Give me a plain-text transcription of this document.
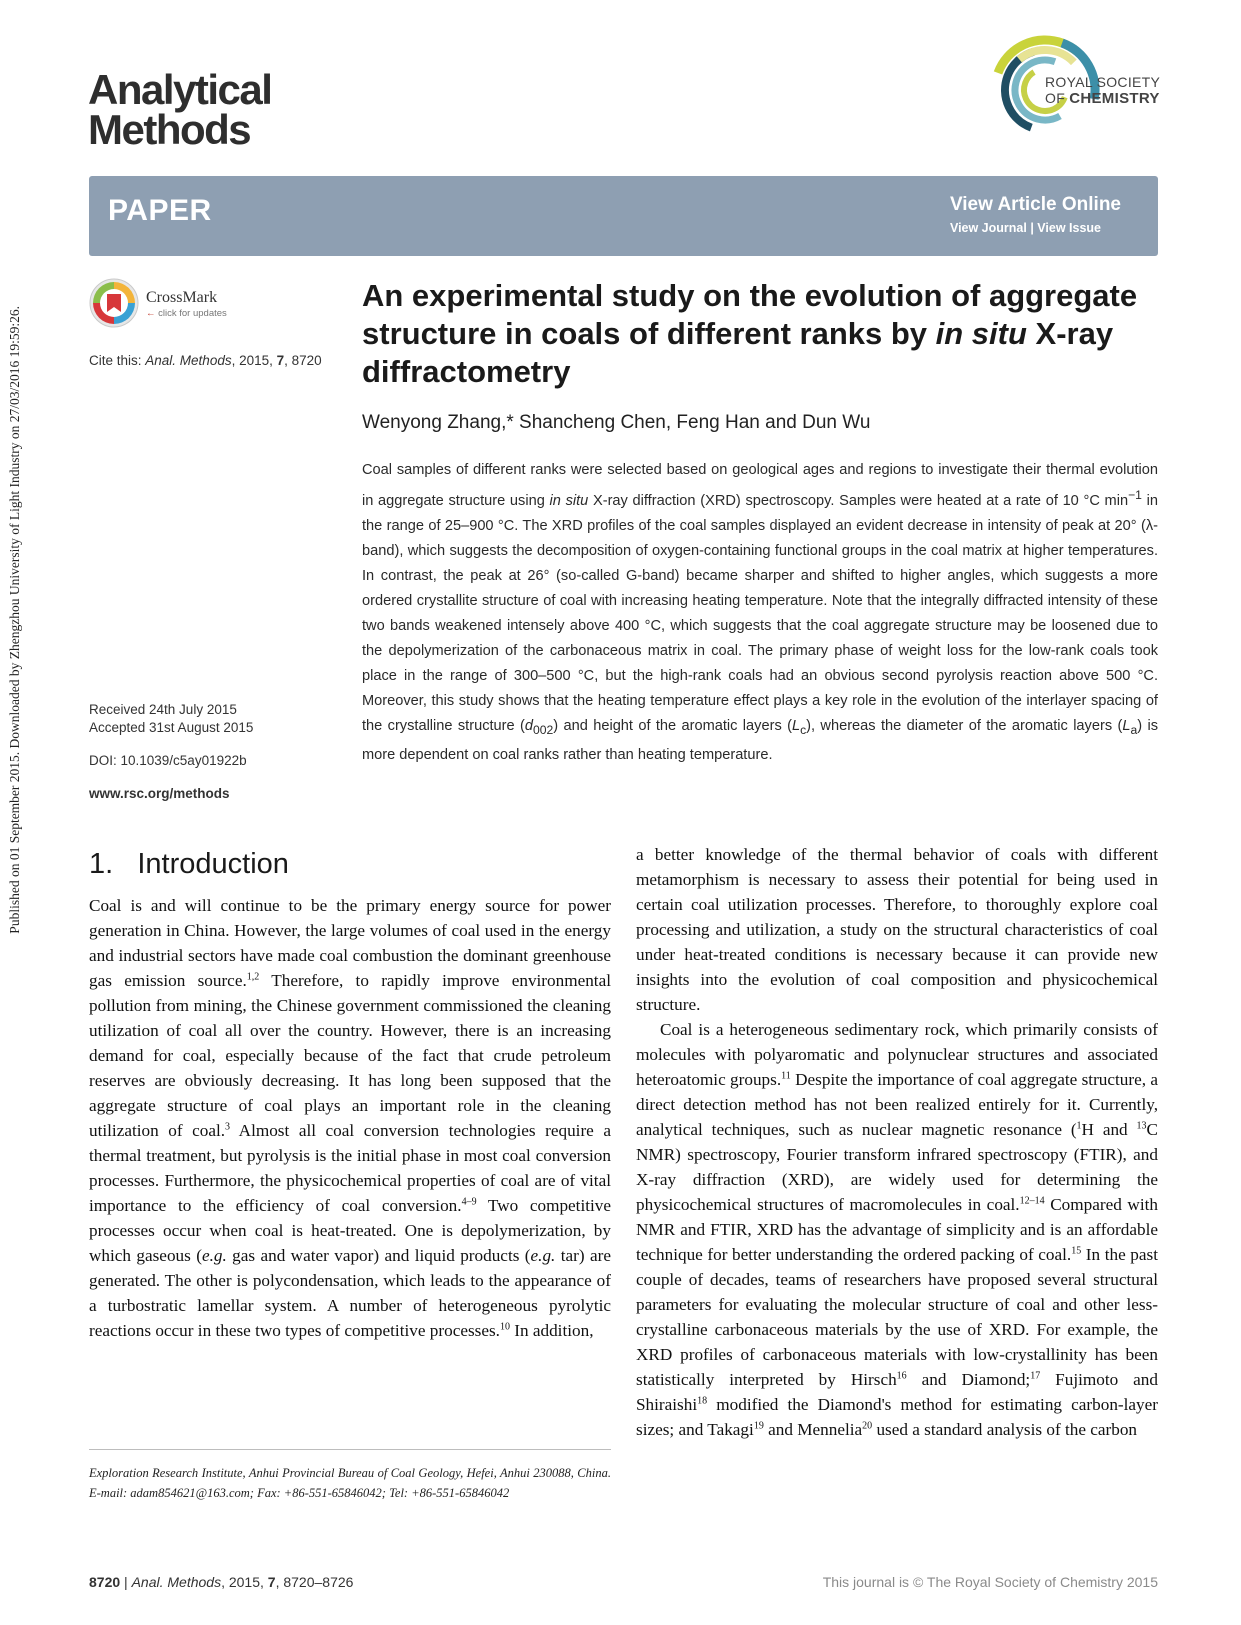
Published on 01 September 2015. Downloaded by Zhengzhou University of Light Industry on 27/03/2016 19:59:26.
Analytical
Methods
ROYAL SOCIETY
OF CHEMISTRY
PAPER	View Article Online
View Journal | View Issue
CrossMark
← click for updates
Cite this: Anal. Methods, 2015, 7, 8720
Received 24th July 2015
Accepted 31st August 2015
DOI: 10.1039/c5ay01922b
www.rsc.org/methods
An experimental study on the evolution of aggregate structure in coals of different ranks by in situ X-ray diffractometry
Wenyong Zhang,* Shancheng Chen, Feng Han and Dun Wu
Coal samples of different ranks were selected based on geological ages and regions to investigate their thermal evolution in aggregate structure using in situ X-ray diffraction (XRD) spectroscopy. Samples were heated at a rate of 10 °C $\min^{-1}$ in the range of 25–900 °C. The XRD profiles of the coal samples displayed an evident decrease in intensity of peak at 20° (λ-band), which suggests the decomposition of oxygen-containing functional groups in the coal matrix at higher temperatures. In contrast, the peak at 26° (so-called G-band) became sharper and shifted to higher angles, which suggests a more ordered crystallite structure of coal with increasing heating temperature. Note that the integrally diffracted intensity of these two bands weakened intensely above 400 °C, which suggests that the coal aggregate structure may be loosened due to the depolymerization of the carbonaceous matrix in coal. The primary phase of weight loss for the low-rank coals took place in the range of 300–500 °C, but the high-rank coals had an obvious second pyrolysis reaction above 500 °C. Moreover, this study shows that the heating temperature effect plays a key role in the evolution of the interlayer spacing of the crystalline structure $(d_{002})$ and height of the aromatic layers $(L_c)$, whereas the diameter of the aromatic layers $(L_a)$ is more dependent on coal ranks rather than heating temperature.
1. Introduction

Coal is and will continue to be the primary energy source for power generation in China. However, the large volumes of coal used in the energy and industrial sectors have made coal combustion the dominant greenhouse gas emission source.$^{1,2}$ Therefore, to rapidly improve environmental pollution from mining, the Chinese government commissioned the cleaning utilization of coal all over the country. However, there is an increasing demand for coal, especially because of the fact that crude petroleum reserves are obviously decreasing. It has long been supposed that the aggregate structure of coal plays an important role in the cleaning utilization of coal.$^3$ Almost all coal conversion technologies require a thermal treatment, but pyrolysis is the initial phase in most coal conversion processes. Furthermore, the physicochemical properties of coal are of vital importance to the efficiency of coal conversion.$^{4-9}$ Two competitive processes occur when coal is heat-treated. One is depolymerization, by which gaseous (e.g. gas and water vapor) and liquid products (e.g. tar) are generated. The other is polycondensation, which leads to the appearance of a turbostratic lamellar system. A number of heterogeneous pyrolytic reactions occur in these two types of competitive processes.$^{10}$ In addition,

Exploration Research Institute, Anhui Provincial Bureau of Coal Geology, Hefei, Anhui 230088, China. E-mail: adam854621@163.com; Fax: +86-551-65846042; Tel: +86-551-65846042

a better knowledge of the thermal behavior of coals with different metamorphism is necessary to assess their potential for being used in certain coal utilization processes. Therefore, to thoroughly explore coal processing and utilization, a study on the structural characteristics of coal under heat-treated conditions is necessary because it can provide new insights into the evolution of coal composition and physicochemical structure.

Coal is a heterogeneous sedimentary rock, which primarily consists of molecules with polyaromatic and polynuclear structures and associated heteroatomic groups.$^{11}$ Despite the importance of coal aggregate structure, a direct detection method has not been realized entirely for it. Currently, analytical techniques, such as nuclear magnetic resonance ($^1$H and $^{13}$C NMR) spectroscopy, Fourier transform infrared spectroscopy (FTIR), and X-ray diffraction (XRD), are widely used for determining the physicochemical structures of macromolecules in coal.$^{12-14}$ Compared with NMR and FTIR, XRD has the advantage of simplicity and is an affordable technique for better understanding the ordered packing of coal.$^{15}$ In the past couple of decades, teams of researchers have proposed several structural parameters for evaluating the molecular structure of coal and other less-crystalline carbonaceous materials by the use of XRD. For example, the XRD profiles of carbonaceous materials with low-crystallinity has been statistically interpreted by Hirsch$^{16}$ and Diamond;$^{17}$ Fujimoto and Shiraishi$^{18}$ modified the Diamond's method for estimating carbon-layer sizes; and Takagi$^{19}$ and Mennelia$^{20}$ used a standard analysis of the carbon

8720 | Anal. Methods, 2015, 7, 8720–8726	This journal is © The Royal Society of Chemistry 2015
